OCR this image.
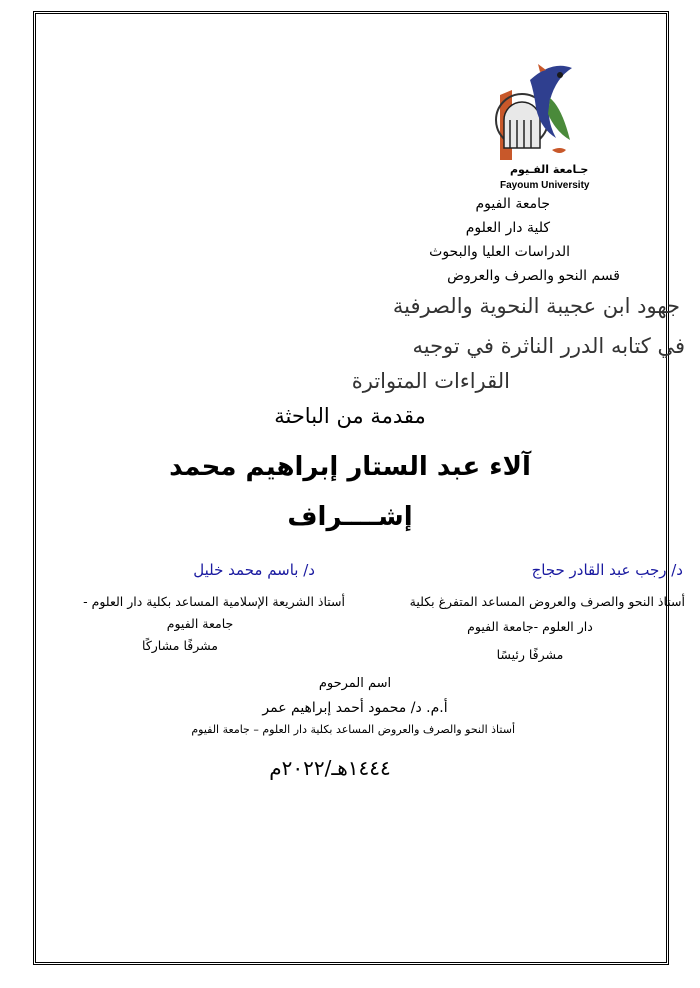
جـامعة الفـيوم
Fayoum University
جامعة الفيوم
كلية دار العلوم
الدراسات العليا والبحوث
قسم النحو والصرف والعروض
جهود ابن عجيبة النحوية والصرفية
في كتابه الدرر الناثرة في توجيه
القراءات المتواترة
مقدمة من الباحثة
آلاء عبد الستار إبراهيم محمد
إشــــراف
د/ رجب عبد القادر حجاج
أستاذ النحو والصرف والعروض المساعد المتفرغ بكلية
دار العلوم -جامعة الفيوم
مشرفًا رئيسًا
د/ باسم محمد خليل
أستاذ الشريعة الإسلامية المساعد بكلية دار العلوم -
جامعة الفيوم
مشرفًا مشاركًا
اسم المرحوم
أ.م. د/ محمود أحمد إبراهيم عمر
أستاذ النحو والصرف والعروض المساعد بكلية دار العلوم – جامعة الفيوم
١٤٤٤هـ/٢٠٢٢م
